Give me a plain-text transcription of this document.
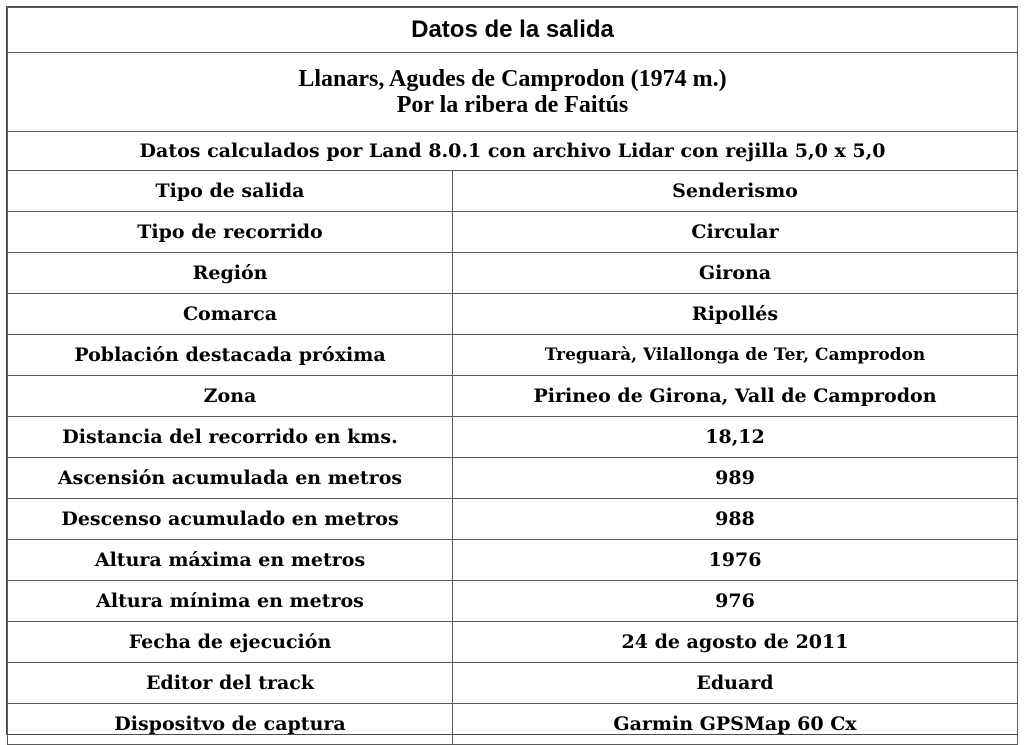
Datos de la salida	

Llanars, Agudes de Camprodon (1974 m.)
Por la ribera de Faitús	

Datos calculados por Land 8.0.1 con archivo Lidar con rejilla 5,0 x 5,0	
Tipo de salida	Senderismo
Tipo de recorrido	Circular
Región	Girona
Comarca	Ripollés
Población destacada próxima	Treguarà, Vilallonga de Ter, Camprodon
Zona	Pirineo de Girona, Vall de Camprodon
Distancia del recorrido en kms.	18,12
Ascensión acumulada en metros	989
Descenso acumulado en metros	988
Altura máxima en metros	1976
Altura mínima en metros	976
Fecha de ejecución	24 de agosto de 2011
Editor del track	Eduard
Dispositvo de captura	Garmin GPSMap 60 Cx
